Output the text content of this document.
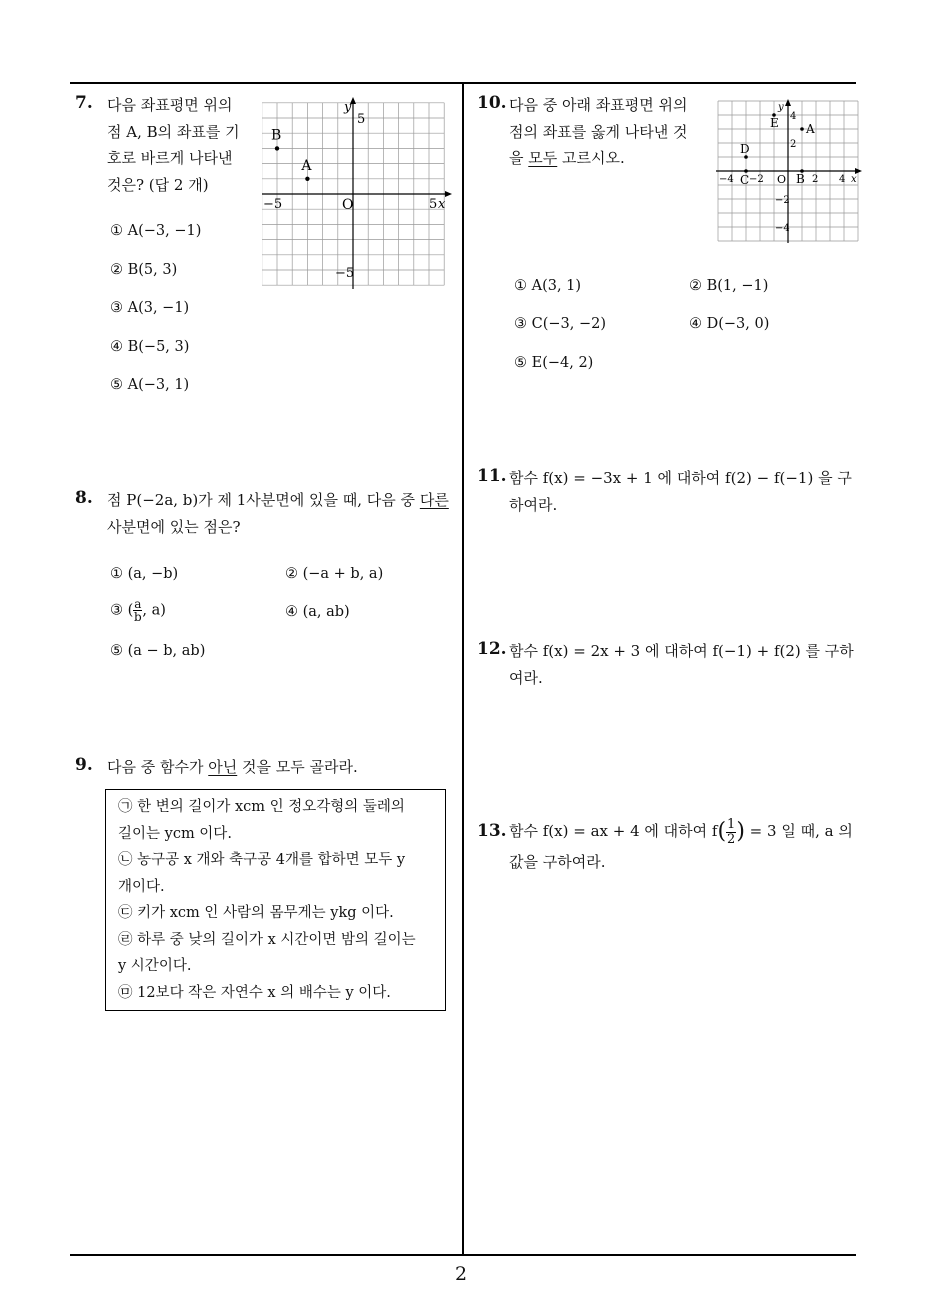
7. 다음 좌표평면 위의
점 A, B의 좌표를 기
호로 바르게 나타낸
것은? (답 2 개)
① A(−3, −1)
② B(5, 3)
③ A(3, −1)
④ B(−5, 3)
⑤ A(−3, 1)
y
x
O
5
−5	5
−5
A
B
8. 점 P(−2a, b)가 제 1사분면에 있을 때, 다음 중 다른
사분면에 있는 점은?
① (a, −b)	② (−a + b, a)
③ ( $\frac{a}{b}$ , a)	④ (a, ab)
⑤ (a − b, ab)
9. 다음 중 함수가 아닌 것을 모두 골라라.
㉠ 한 변의 길이가 xcm 인 정오각형의 둘레의
길이는 ycm 이다.
㉡ 농구공 x 개와 축구공 4개를 합하면 모두 y
개이다.
㉢ 키가 xcm 인 사람의 몸무게는 ykg 이다.
㉣ 하루 중 낮의 길이가 x 시간이면 밤의 길이는
y 시간이다.
㉤ 12보다 작은 자연수 x 의 배수는 y 이다.
10. 다음 중 아래 좌표평면 위의
점의 좌표를 옳게 나타낸 것
을 모두 고르시오.
y
x
O
−4 −2	2 4
4
2
−2
−4
A
B
C
D
E
① A(3, 1)	② B(1, −1)
③ C(−3, −2)	④ D(−3, 0)
⑤ E(−4, 2)
11. 함수 f(x) = −3x + 1 에 대하여 f(2) − f(−1) 을 구
하여라.
12. 함수 f(x) = 2x + 3 에 대하여 f(−1) + f(2) 를 구하
여라.
13. 함수 f(x) = ax + 4 에 대하여 $f( \frac{1}{2}$ ) = 3 일 때, a 의
값을 구하여라.
2
